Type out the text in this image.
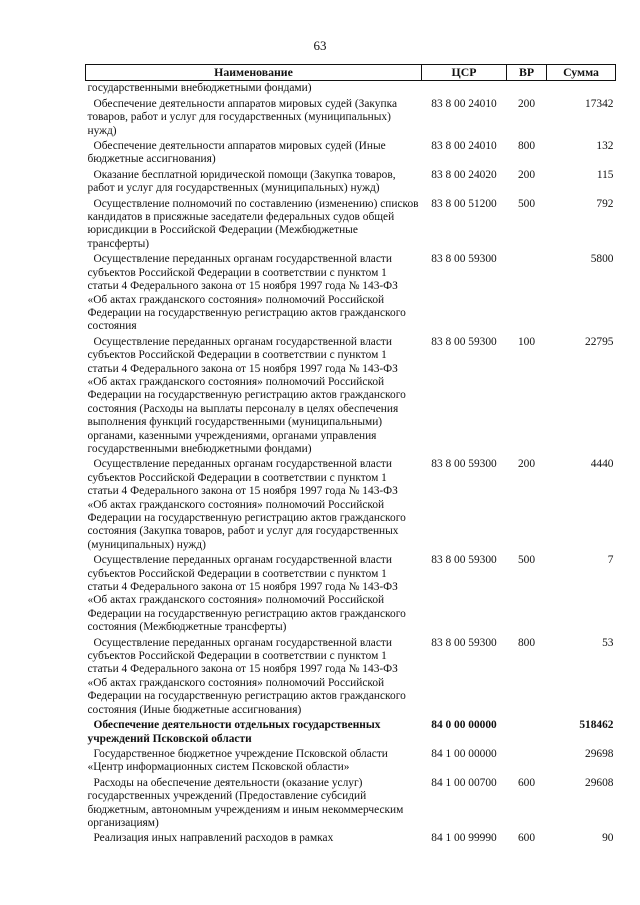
63
Наименование	ЦСР	ВР	Сумма
государственными внебюджетными фондами)			
Обеспечение деятельности аппаратов мировых судей (Закупка товаров, работ и услуг для государственных (муниципальных) нужд)	83 8 00 24010	200	17342
Обеспечение деятельности аппаратов мировых судей (Иные бюджетные ассигнования)	83 8 00 24010	800	132
Оказание бесплатной юридической помощи (Закупка товаров, работ и услуг для государственных (муниципальных) нужд)	83 8 00 24020	200	115
Осуществление полномочий по составлению (изменению) списков кандидатов в присяжные заседатели федеральных судов общей юрисдикции в Российской Федерации (Межбюджетные трансферты)	83 8 00 51200	500	792
Осуществление переданных органам государственной власти субъектов Российской Федерации в соответствии с пунктом 1 статьи 4 Федерального закона от 15 ноября 1997 года № 143-ФЗ «Об актах гражданского состояния» полномочий Российской Федерации на государственную регистрацию актов гражданского состояния	83 8 00 59300		5800
Осуществление переданных органам государственной власти субъектов Российской Федерации в соответствии с пунктом 1 статьи 4 Федерального закона от 15 ноября 1997 года № 143-ФЗ «Об актах гражданского состояния» полномочий Российской Федерации на государственную регистрацию актов гражданского состояния (Расходы на выплаты персоналу в целях обеспечения выполнения функций государственными (муниципальными) органами, казенными учреждениями, органами управления государственными внебюджетными фондами)	83 8 00 59300	100	22795
Осуществление переданных органам государственной власти субъектов Российской Федерации в соответствии с пунктом 1 статьи 4 Федерального закона от 15 ноября 1997 года № 143-ФЗ «Об актах гражданского состояния» полномочий Российской Федерации на государственную регистрацию актов гражданского состояния (Закупка товаров, работ и услуг для государственных (муниципальных) нужд)	83 8 00 59300	200	4440
Осуществление переданных органам государственной власти субъектов Российской Федерации в соответствии с пунктом 1 статьи 4 Федерального закона от 15 ноября 1997 года № 143-ФЗ «Об актах гражданского состояния» полномочий Российской Федерации на государственную регистрацию актов гражданского состояния (Межбюджетные трансферты)	83 8 00 59300	500	7
Осуществление переданных органам государственной власти субъектов Российской Федерации в соответствии с пунктом 1 статьи 4 Федерального закона от 15 ноября 1997 года № 143-ФЗ «Об актах гражданского состояния» полномочий Российской Федерации на государственную регистрацию актов гражданского состояния (Иные бюджетные ассигнования)	83 8 00 59300	800	53
Обеспечение деятельности отдельных государственных учреждений Псковской области	84 0 00 00000		518462
Государственное бюджетное учреждение Псковской области «Центр информационных систем Псковской области»	84 1 00 00000		29698
Расходы на обеспечение деятельности (оказание услуг) государственных учреждений (Предоставление субсидий бюджетным, автономным учреждениям и иным некоммерческим организациям)	84 1 00 00700	600	29608
Реализация иных направлений расходов в рамках	84 1 00 99990	600	90
